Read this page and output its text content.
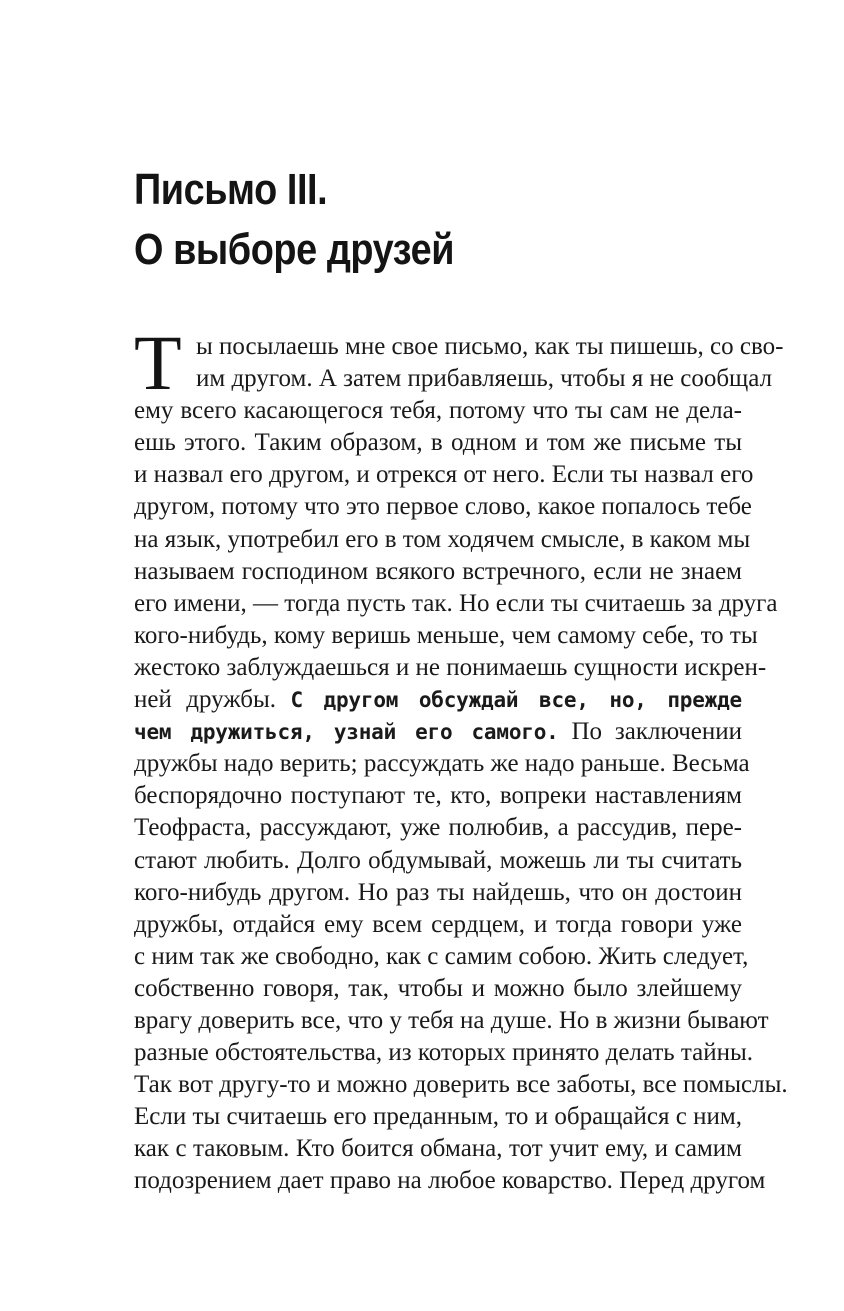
Письмо III.
О выборе друзей
Т ы посылаешь мне свое письмо, как ты пишешь, со сво-
им другом. А затем прибавляешь, чтобы я не сообщал
ему всего касающегося тебя, потому что ты сам не дела-
ешь этого. Таким образом, в одном и том же письме ты
и назвал его другом, и отрекся от него. Если ты назвал его
другом, потому что это первое слово, какое попалось тебе
на язык, употребил его в том ходячем смысле, в каком мы
называем господином всякого встречного, если не знаем
его имени, — тогда пусть так. Но если ты считаешь за друга
кого-нибудь, кому веришь меньше, чем самому себе, то ты
жестоко заблуждаешься и не понимаешь сущности искрен-
ней дружбы. С другом обсуждай все, но, прежде
чем дружиться, узнай его самого. По заключении
дружбы надо верить; рассуждать же надо раньше. Весьма
беспорядочно поступают те, кто, вопреки наставлениям
Теофраста, рассуждают, уже полюбив, а рассудив, пере-
стают любить. Долго обдумывай, можешь ли ты считать
кого-нибудь другом. Но раз ты найдешь, что он достоин
дружбы, отдайся ему всем сердцем, и тогда говори уже
с ним так же свободно, как с самим собою. Жить следует,
собственно говоря, так, чтобы и можно было злейшему
врагу доверить все, что у тебя на душе. Но в жизни бывают
разные обстоятельства, из которых принято делать тайны.
Так вот другу-то и можно доверить все заботы, все помыслы.
Если ты считаешь его преданным, то и обращайся с ним,
как с таковым. Кто боится обмана, тот учит ему, и самим
подозрением дает право на любое коварство. Перед другом
